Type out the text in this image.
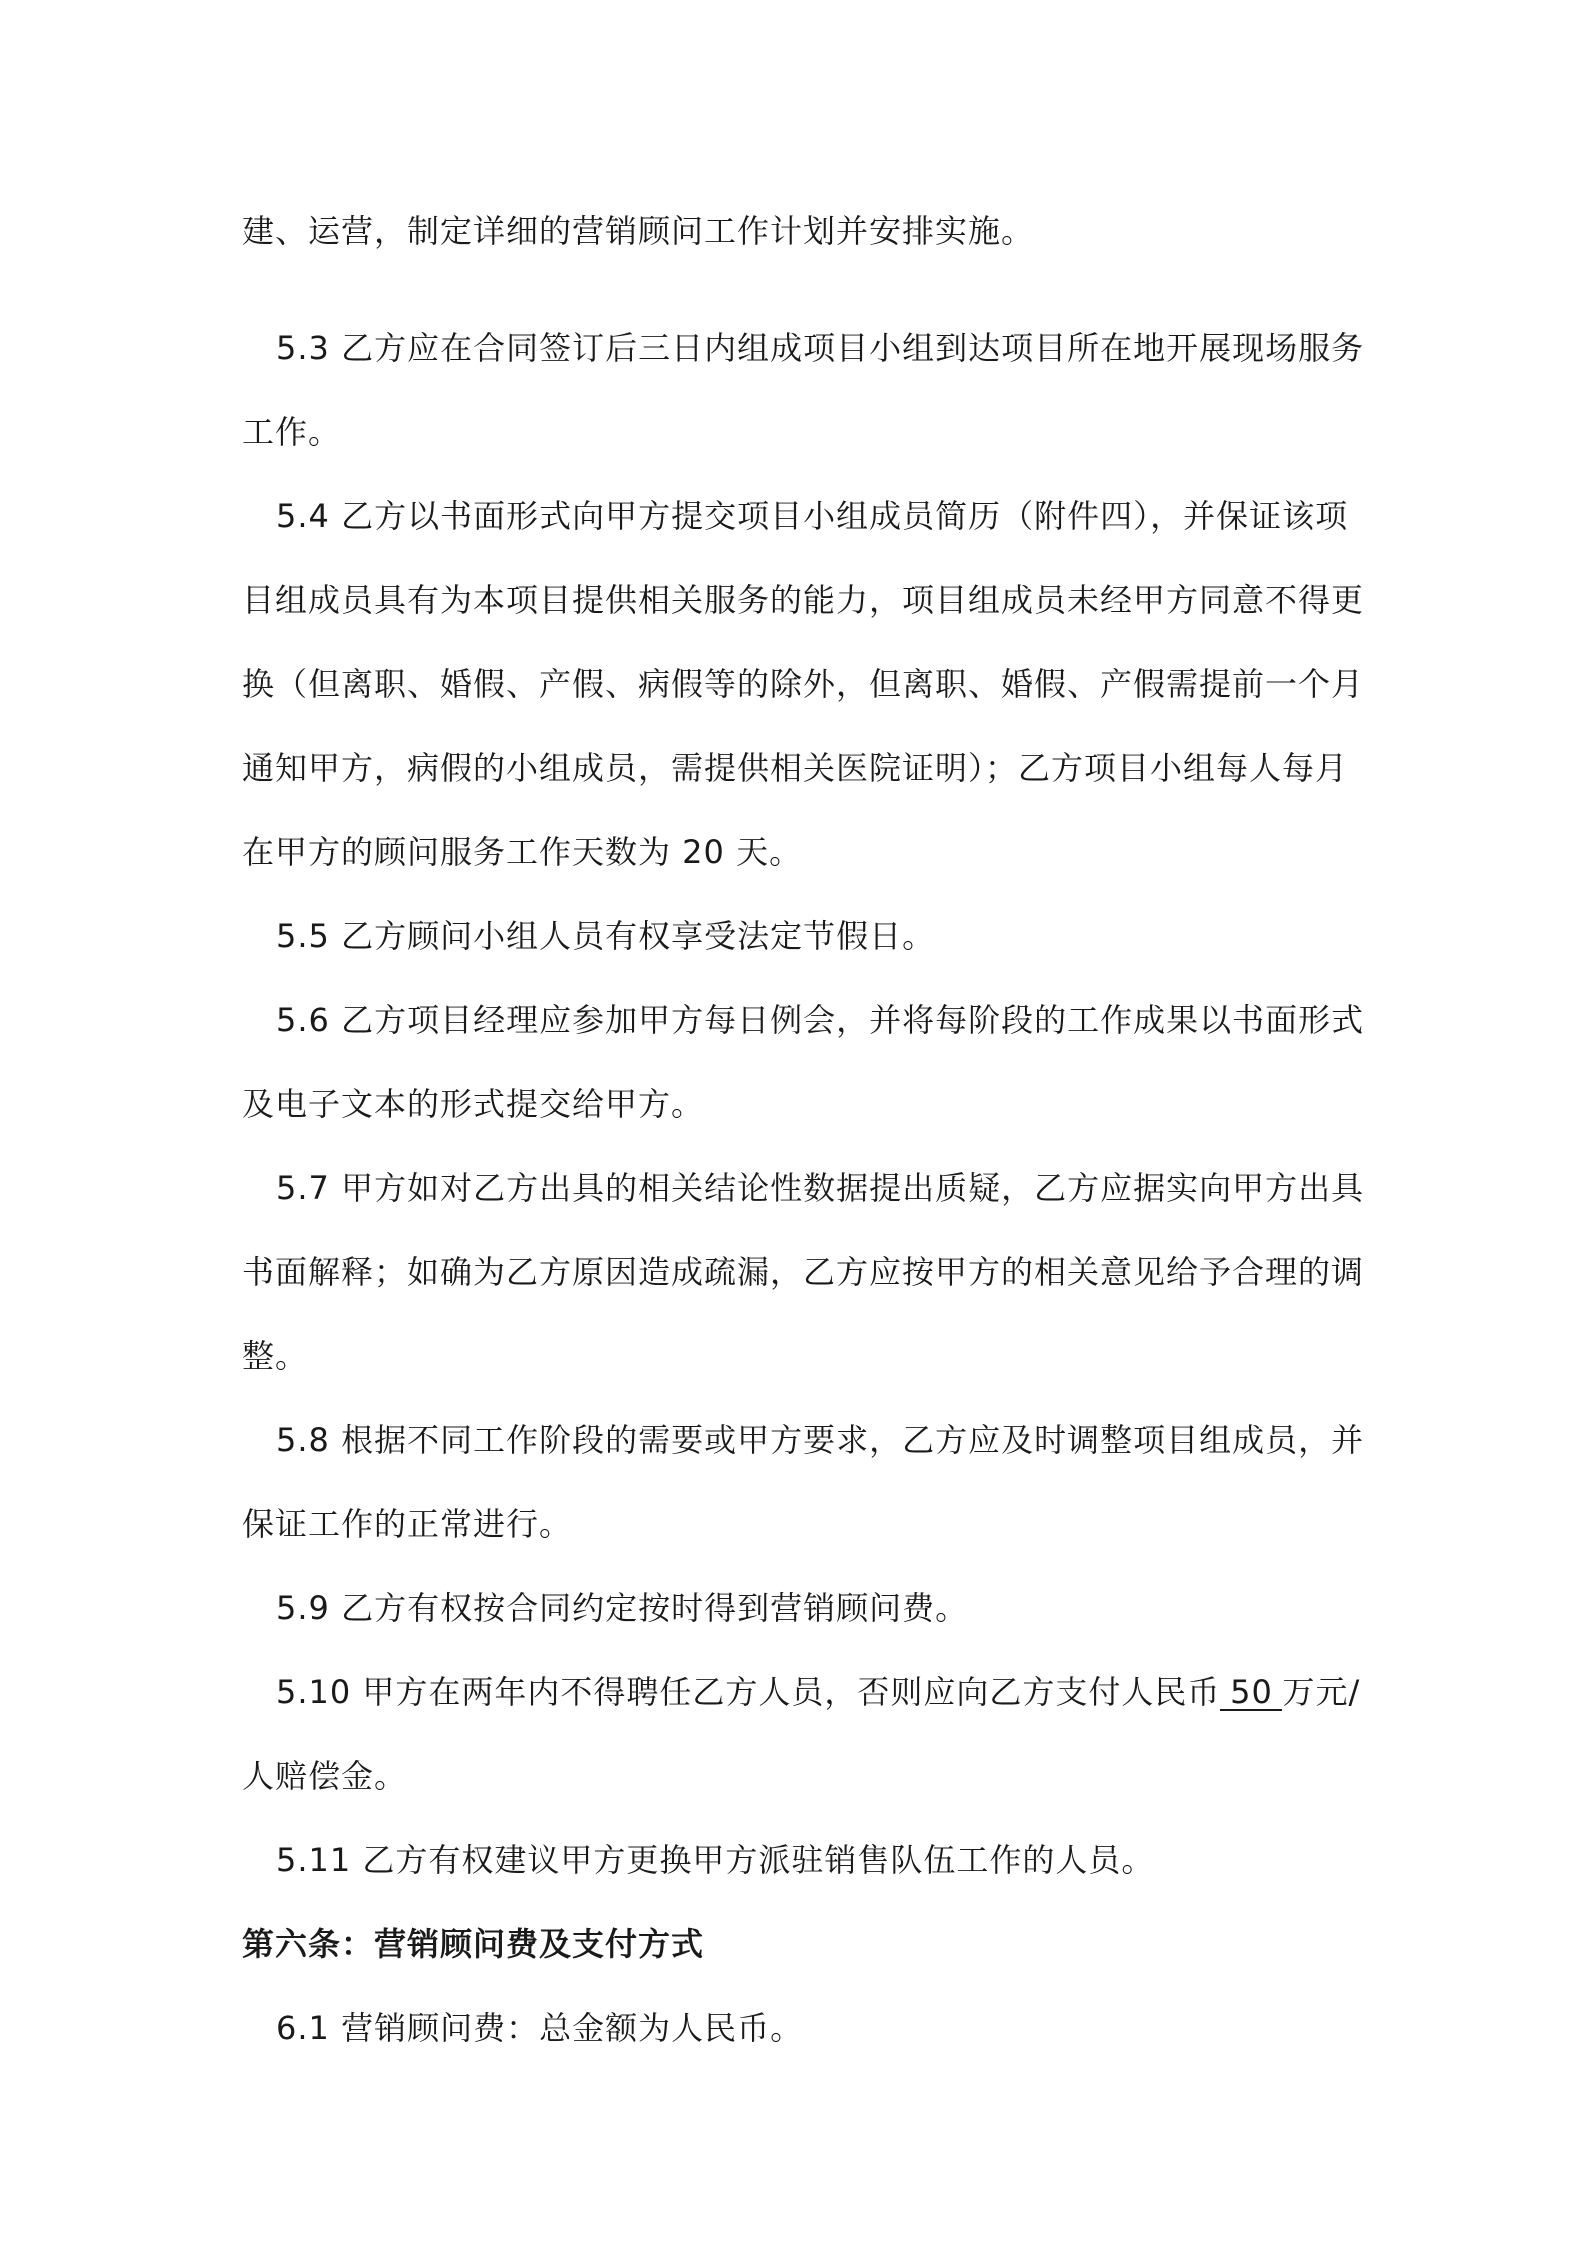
建、运营，制定详细的营销顾问工作计划并安排实施。
5.3 乙方应在合同签订后三日内组成项目小组到达项目所在地开展现场服务
工作。
5.4 乙方以书面形式向甲方提交项目小组成员简历（附件四），并保证该项
目组成员具有为本项目提供相关服务的能力，项目组成员未经甲方同意不得更
换（但离职、婚假、产假、病假等的除外，但离职、婚假、产假需提前一个月
通知甲方，病假的小组成员，需提供相关医院证明）；乙方项目小组每人每月
在甲方的顾问服务工作天数为 20 天。
5.5 乙方顾问小组人员有权享受法定节假日。
5.6 乙方项目经理应参加甲方每日例会，并将每阶段的工作成果以书面形式
及电子文本的形式提交给甲方。
5.7 甲方如对乙方出具的相关结论性数据提出质疑，乙方应据实向甲方出具
书面解释；如确为乙方原因造成疏漏，乙方应按甲方的相关意见给予合理的调
整。
5.8 根据不同工作阶段的需要或甲方要求，乙方应及时调整项目组成员，并
保证工作的正常进行。
5.9 乙方有权按合同约定按时得到营销顾问费。
5.10 甲方在两年内不得聘任乙方人员，否则应向乙方支付人民币 50 万元/
人赔偿金。
5.11 乙方有权建议甲方更换甲方派驻销售队伍工作的人员。
第六条：营销顾问费及支付方式
6.1 营销顾问费：总金额为人民币。
